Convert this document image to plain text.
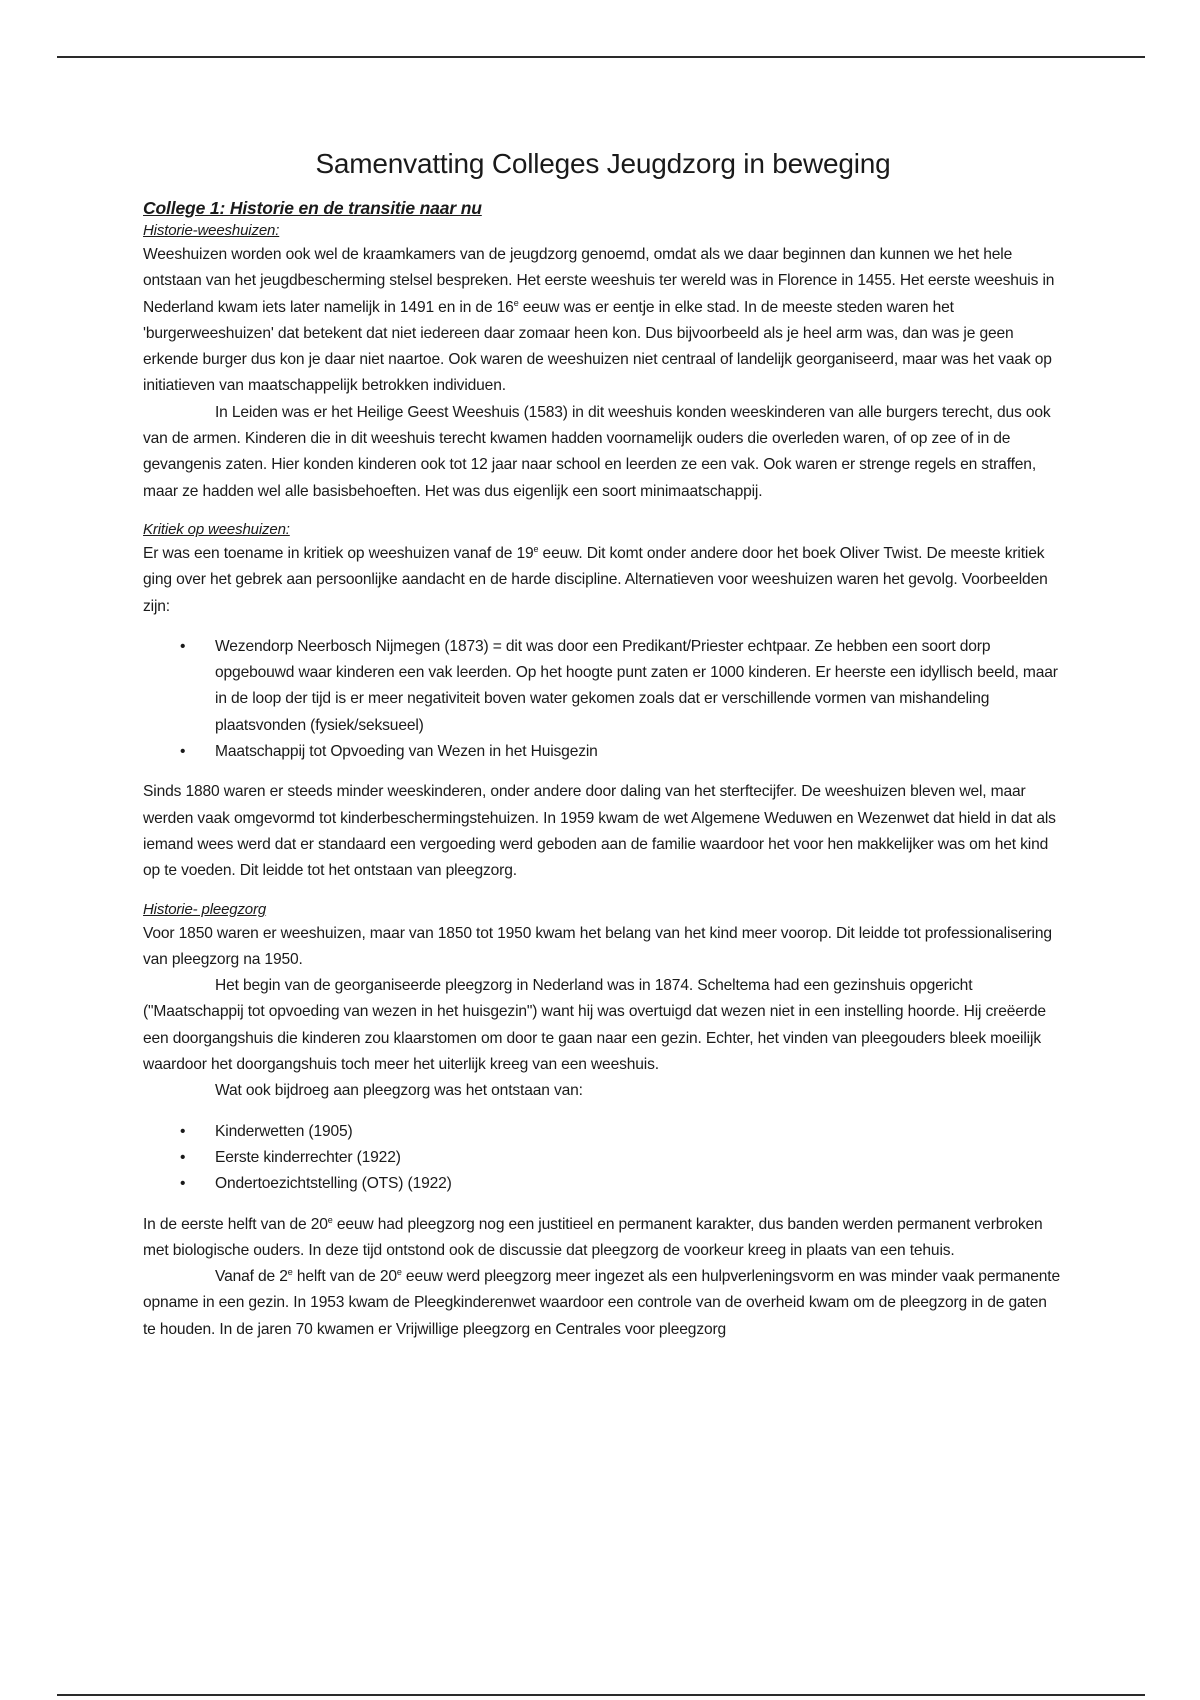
Samenvatting Colleges Jeugdzorg in beweging
College 1: Historie en de transitie naar nu
Historie-weeshuizen:

Weeshuizen worden ook wel de kraamkamers van de jeugdzorg genoemd, omdat als we daar beginnen dan kunnen we het hele ontstaan van het jeugdbescherming stelsel bespreken. Het eerste weeshuis ter wereld was in Florence in 1455. Het eerste weeshuis in Nederland kwam iets later namelijk in 1491 en in de 16e eeuw was er eentje in elke stad. In de meeste steden waren het 'burgerweeshuizen' dat betekent dat niet iedereen daar zomaar heen kon. Dus bijvoorbeeld als je heel arm was, dan was je geen erkende burger dus kon je daar niet naartoe. Ook waren de weeshuizen niet centraal of landelijk georganiseerd, maar was het vaak op initiatieven van maatschappelijk betrokken individuen.

In Leiden was er het Heilige Geest Weeshuis (1583) in dit weeshuis konden weeskinderen van alle burgers terecht, dus ook van de armen. Kinderen die in dit weeshuis terecht kwamen hadden voornamelijk ouders die overleden waren, of op zee of in de gevangenis zaten. Hier konden kinderen ook tot 12 jaar naar school en leerden ze een vak. Ook waren er strenge regels en straffen, maar ze hadden wel alle basisbehoeften. Het was dus eigenlijk een soort minimaatschappij.

Kritiek op weeshuizen:

Er was een toename in kritiek op weeshuizen vanaf de 19e eeuw. Dit komt onder andere door het boek Oliver Twist. De meeste kritiek ging over het gebrek aan persoonlijke aandacht en de harde discipline. Alternatieven voor weeshuizen waren het gevolg. Voorbeelden zijn:

• Wezendorp Neerbosch Nijmegen (1873) = dit was door een Predikant/Priester echtpaar. Ze hebben een soort dorp opgebouwd waar kinderen een vak leerden. Op het hoogte punt zaten er 1000 kinderen. Er heerste een idyllisch beeld, maar in de loop der tijd is er meer negativiteit boven water gekomen zoals dat er verschillende vormen van mishandeling plaatsvonden (fysiek/seksueel)
• Maatschappij tot Opvoeding van Wezen in het Huisgezin

Sinds 1880 waren er steeds minder weeskinderen, onder andere door daling van het sterftecijfer. De weeshuizen bleven wel, maar werden vaak omgevormd tot kinderbeschermingstehuizen. In 1959 kwam de wet Algemene Weduwen en Wezenwet dat hield in dat als iemand wees werd dat er standaard een vergoeding werd geboden aan de familie waardoor het voor hen makkelijker was om het kind op te voeden. Dit leidde tot het ontstaan van pleegzorg.

Historie- pleegzorg

Voor 1850 waren er weeshuizen, maar van 1850 tot 1950 kwam het belang van het kind meer voorop. Dit leidde tot professionalisering van pleegzorg na 1950.

Het begin van de georganiseerde pleegzorg in Nederland was in 1874. Scheltema had een gezinshuis opgericht ("Maatschappij tot opvoeding van wezen in het huisgezin") want hij was overtuigd dat wezen niet in een instelling hoorde. Hij creëerde een doorgangshuis die kinderen zou klaarstomen om door te gaan naar een gezin. Echter, het vinden van pleegouders bleek moeilijk waardoor het doorgangshuis toch meer het uiterlijk kreeg van een weeshuis.

Wat ook bijdroeg aan pleegzorg was het ontstaan van:

• Kinderwetten (1905)
• Eerste kinderrechter (1922)
• Ondertoezichtstelling (OTS) (1922)

In de eerste helft van de 20e eeuw had pleegzorg nog een justitieel en permanent karakter, dus banden werden permanent verbroken met biologische ouders. In deze tijd ontstond ook de discussie dat pleegzorg de voorkeur kreeg in plaats van een tehuis.

Vanaf de 2e helft van de 20e eeuw werd pleegzorg meer ingezet als een hulpverleningsvorm en was minder vaak permanente opname in een gezin. In 1953 kwam de Pleegkinderenwet waardoor een controle van de overheid kwam om de pleegzorg in de gaten te houden. In de jaren 70 kwamen er Vrijwillige pleegzorg en Centrales voor pleegzorg
